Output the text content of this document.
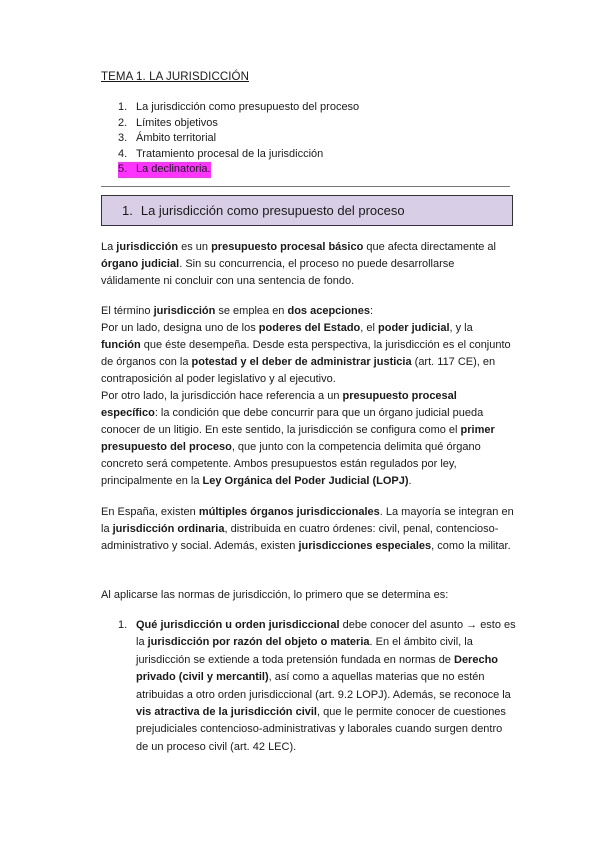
TEMA 1. LA JURISDICCIÓN
1. La jurisdicción como presupuesto del proceso
2. Límites objetivos
3. Ámbito territorial
4. Tratamiento procesal de la jurisdicción
5. La declinatoria.
1. La jurisdicción como presupuesto del proceso

La jurisdicción es un presupuesto procesal básico que afecta directamente al órgano judicial. Sin su concurrencia, el proceso no puede desarrollarse válidamente ni concluir con una sentencia de fondo.

El término jurisdicción se emplea en dos acepciones:
Por un lado, designa uno de los poderes del Estado, el poder judicial, y la función que éste desempeña. Desde esta perspectiva, la jurisdicción es el conjunto de órganos con la potestad y el deber de administrar justicia (art. 117 CE), en contraposición al poder legislativo y al ejecutivo.
Por otro lado, la jurisdicción hace referencia a un presupuesto procesal específico: la condición que debe concurrir para que un órgano judicial pueda conocer de un litigio. En este sentido, la jurisdicción se configura como el primer presupuesto del proceso, que junto con la competencia delimita qué órgano concreto será competente. Ambos presupuestos están regulados por ley, principalmente en la Ley Orgánica del Poder Judicial (LOPJ).

En España, existen múltiples órganos jurisdiccionales. La mayoría se integran en la jurisdicción ordinaria, distribuida en cuatro órdenes: civil, penal, contencioso-administrativo y social. Además, existen jurisdicciones especiales, como la militar.

Al aplicarse las normas de jurisdicción, lo primero que se determina es:

1. Qué jurisdicción u orden jurisdiccional debe conocer del asunto → esto es la jurisdicción por razón del objeto o materia. En el ámbito civil, la jurisdicción se extiende a toda pretensión fundada en normas de Derecho privado (civil y mercantil), así como a aquellas materias que no estén atribuidas a otro orden jurisdiccional (art. 9.2 LOPJ). Además, se reconoce la vis atractiva de la jurisdicción civil, que le permite conocer de cuestiones prejudiciales contencioso-administrativas y laborales cuando surgen dentro de un proceso civil (art. 42 LEC).
